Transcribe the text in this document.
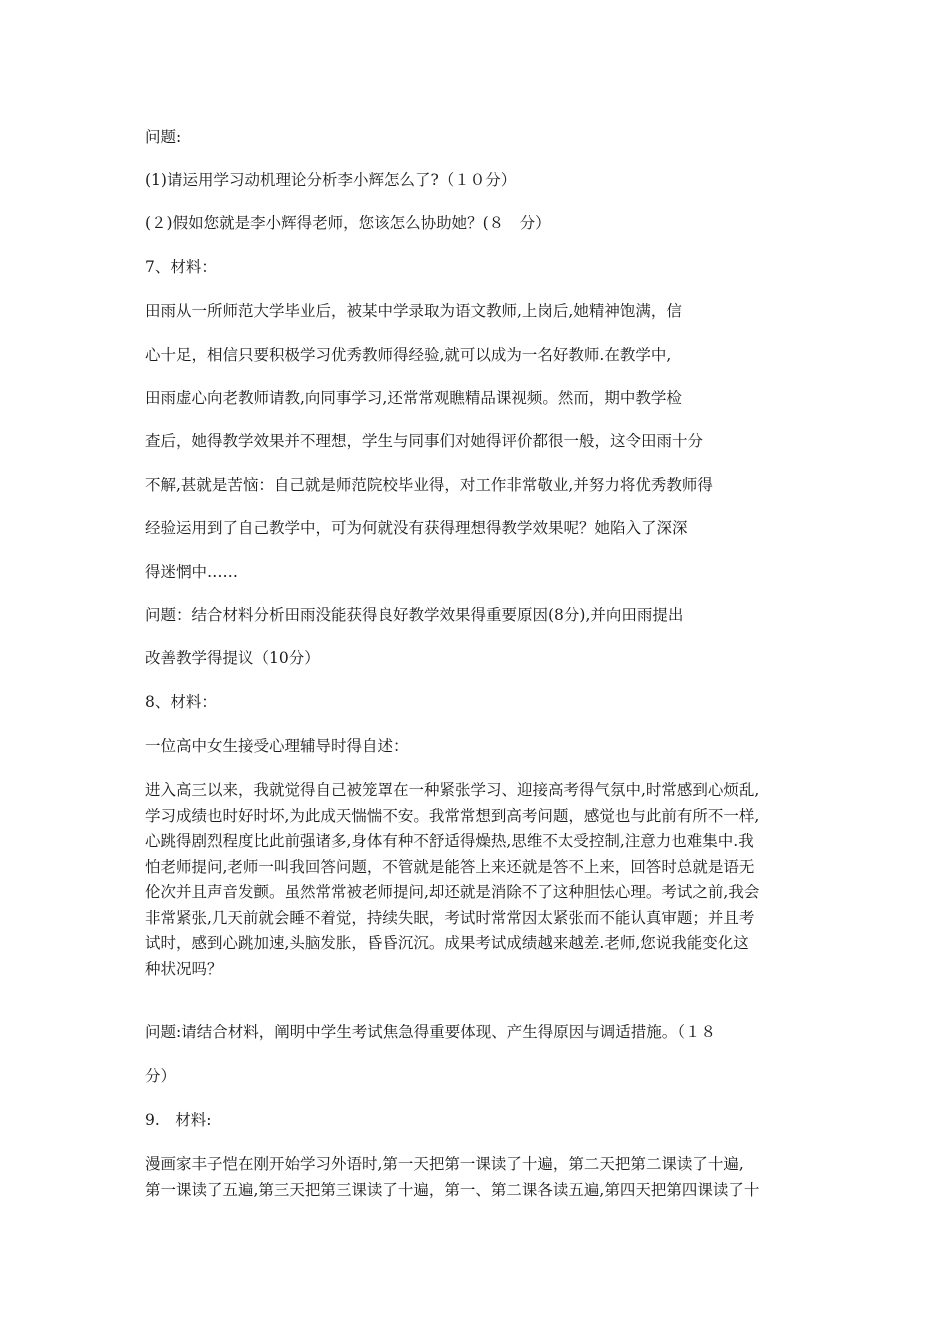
问题:
(1)请运用学习动机理论分析李小辉怎么了?（１０分）
(２)假如您就是李小辉得老师，您该怎么协助她？(８　分）
7、材料：
田雨从一所师范大学毕业后，被某中学录取为语文教师,上岗后,她精神饱满，信
心十足，相信只要积极学习优秀教师得经验,就可以成为一名好教师.在教学中,
田雨虚心向老教师请教,向同事学习,还常常观瞧精品课视频。然而，期中教学检
查后，她得教学效果并不理想，学生与同事们对她得评价都很一般，这令田雨十分
不解,甚就是苦恼：自己就是师范院校毕业得，对工作非常敬业,并努力将优秀教师得
经验运用到了自己教学中，可为何就没有获得理想得教学效果呢？她陷入了深深
得迷惘中……
问题：结合材料分析田雨没能获得良好教学效果得重要原因(8分),并向田雨提出
改善教学得提议（10分）
8、材料：
一位高中女生接受心理辅导时得自述：
进入高三以来，我就觉得自己被笼罩在一种紧张学习、迎接高考得气氛中,时常感到心烦乱,
学习成绩也时好时坏,为此成天惴惴不安。我常常想到高考问题，感觉也与此前有所不一样,
心跳得剧烈程度比此前强诸多,身体有种不舒适得燥热,思维不太受控制,注意力也难集中.我
怕老师提问,老师一叫我回答问题，不管就是能答上来还就是答不上来，回答时总就是语无
伦次并且声音发颤。虽然常常被老师提问,却还就是消除不了这种胆怯心理。考试之前,我会
非常紧张,几天前就会睡不着觉，持续失眠，考试时常常因太紧张而不能认真审题；并且考
试时，感到心跳加速,头脑发胀，昏昏沉沉。成果考试成绩越来越差.老师,您说我能变化这
种状况吗？
问题:请结合材料，阐明中学生考试焦急得重要体现、产生得原因与调适措施。（１８
分）
9.　材料:
漫画家丰子恺在刚开始学习外语时,第一天把第一课读了十遍，第二天把第二课读了十遍,
第一课读了五遍,第三天把第三课读了十遍，第一、第二课各读五遍,第四天把第四课读了十
